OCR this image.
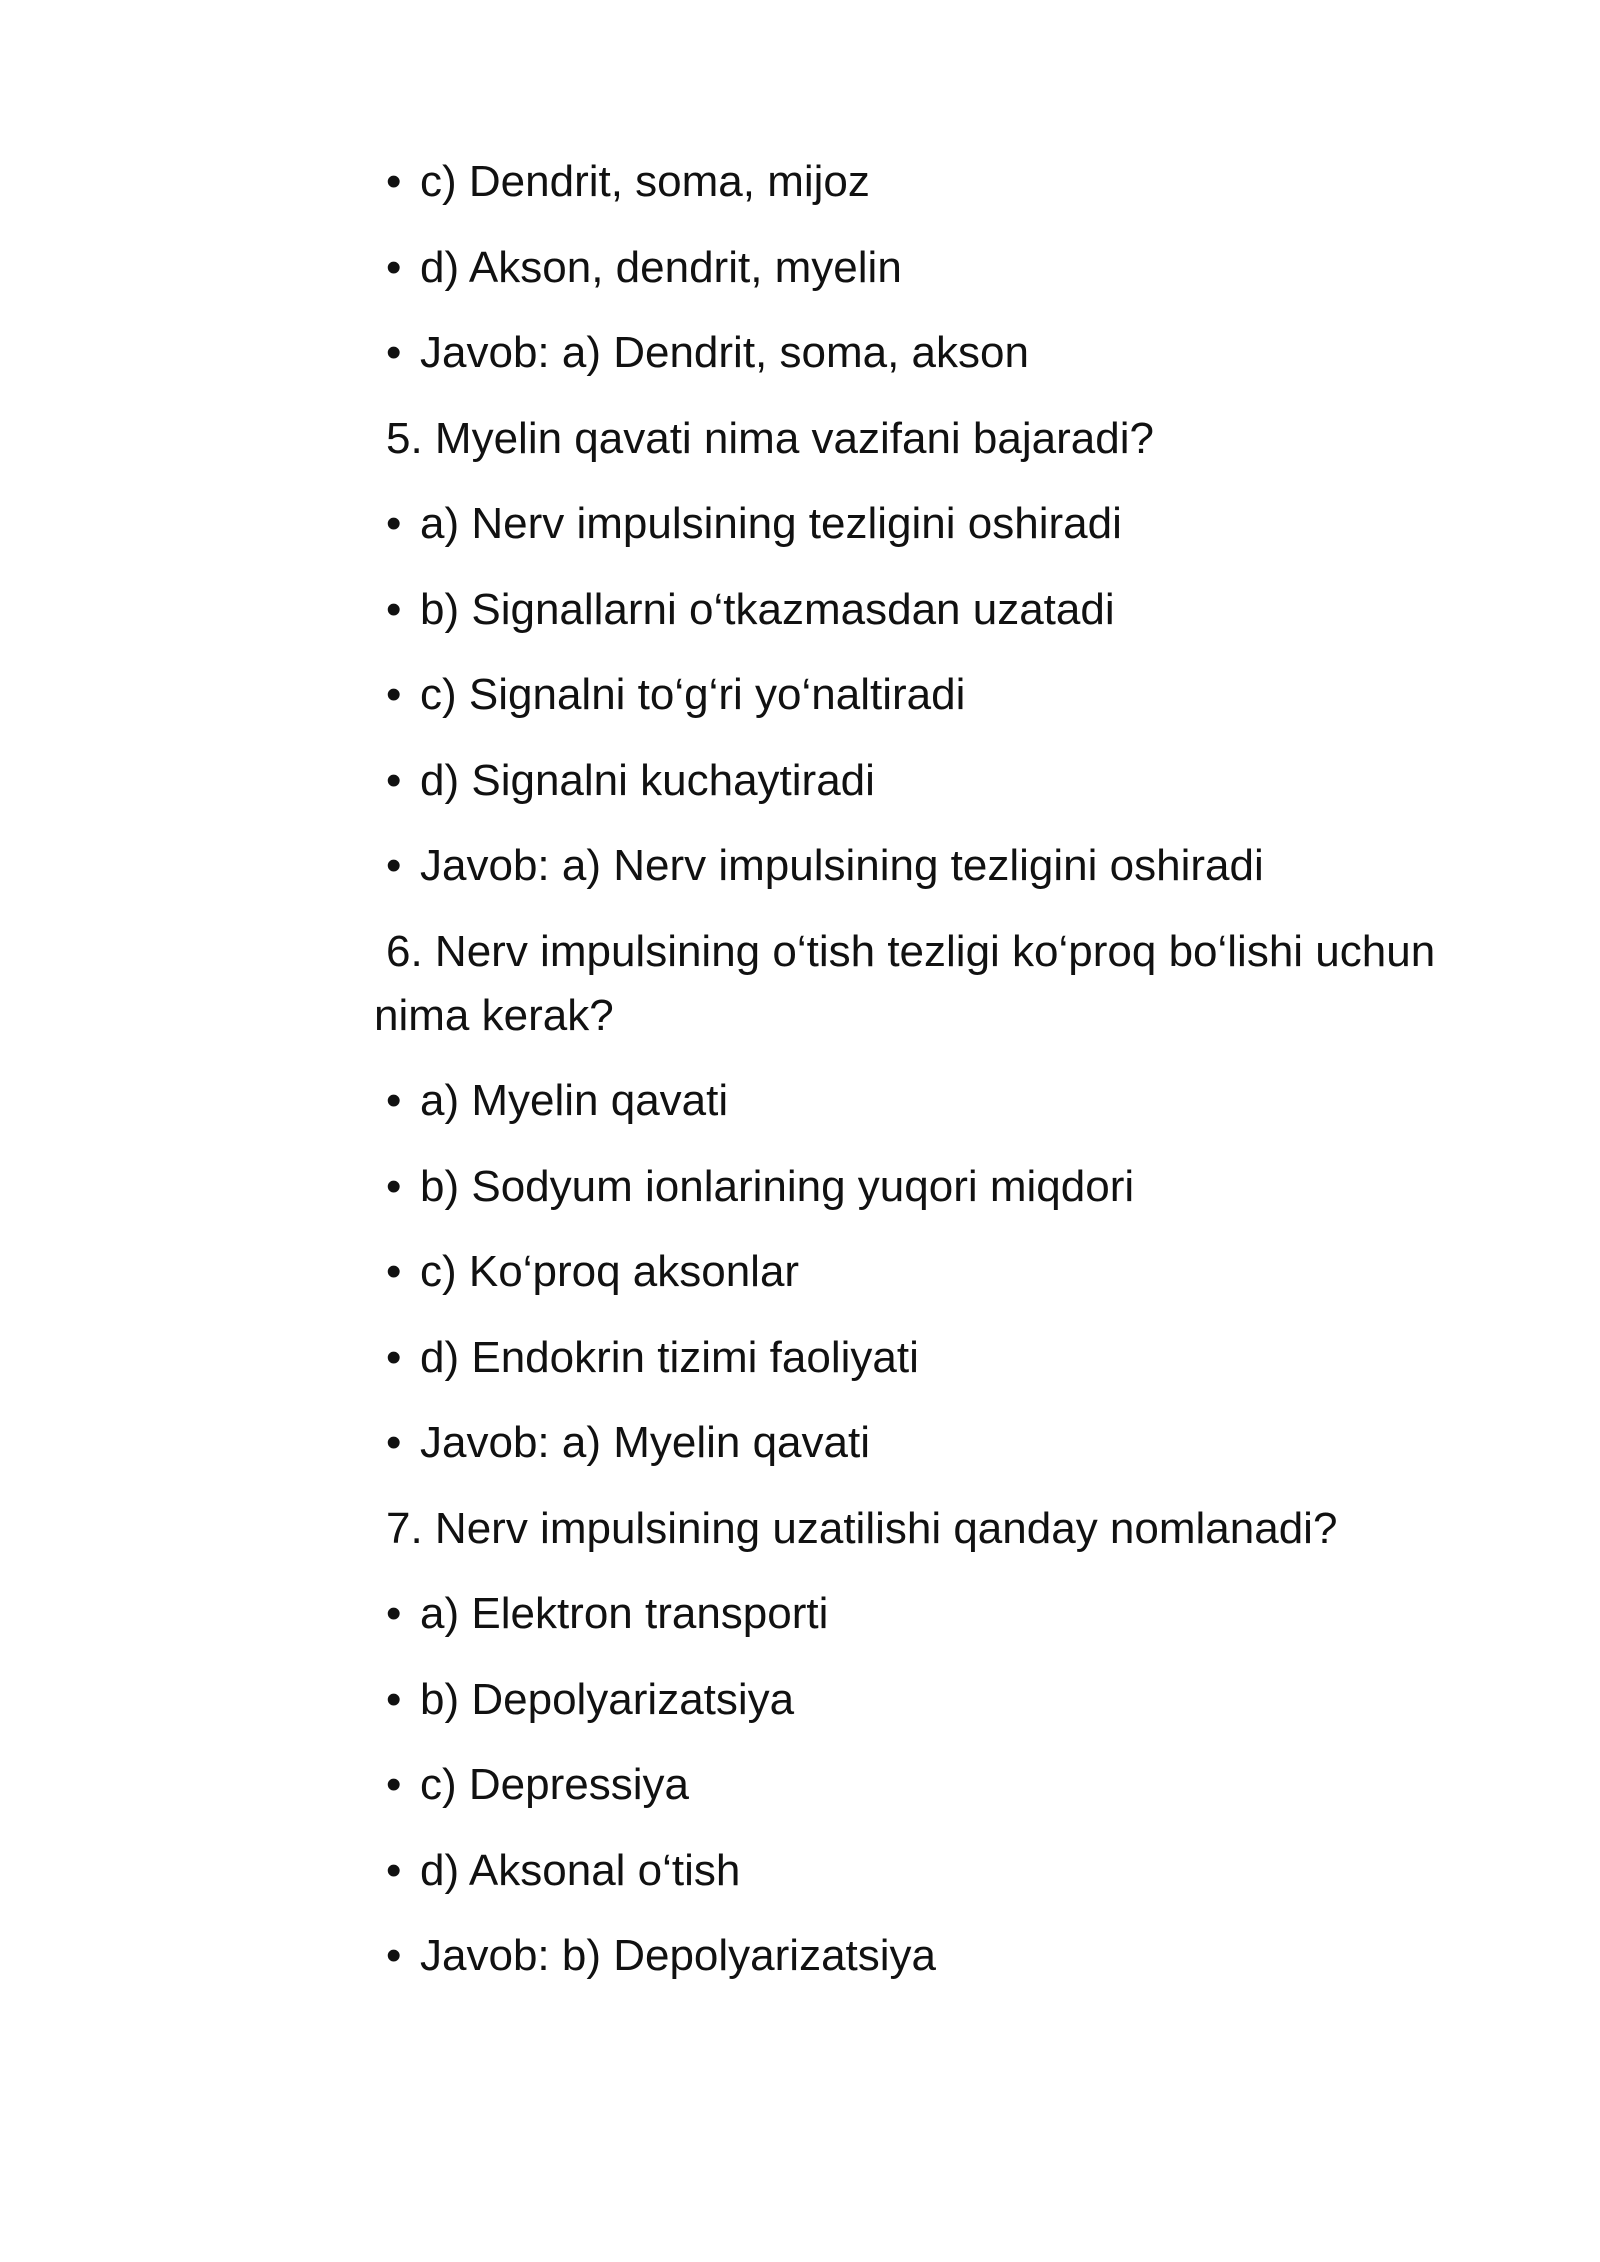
• c) Dendrit, soma, mijoz
• d) Akson, dendrit, myelin
• Javob: a) Dendrit, soma, akson
5. Myelin qavati nima vazifani bajaradi?
• a) Nerv impulsining tezligini oshiradi
• b) Signallarni o‘tkazmasdan uzatadi
• c) Signalni to‘g‘ri yo‘naltiradi
• d) Signalni kuchaytiradi
• Javob: a) Nerv impulsining tezligini oshiradi
6. Nerv impulsining o‘tish tezligi ko‘proq bo‘lishi uchun
nima kerak?
• a) Myelin qavati
• b) Sodyum ionlarining yuqori miqdori
• c) Ko‘proq aksonlar
• d) Endokrin tizimi faoliyati
• Javob: a) Myelin qavati
7. Nerv impulsining uzatilishi qanday nomlanadi?
• a) Elektron transporti
• b) Depolyarizatsiya
• c) Depressiya
• d) Aksonal o‘tish
• Javob: b) Depolyarizatsiya
